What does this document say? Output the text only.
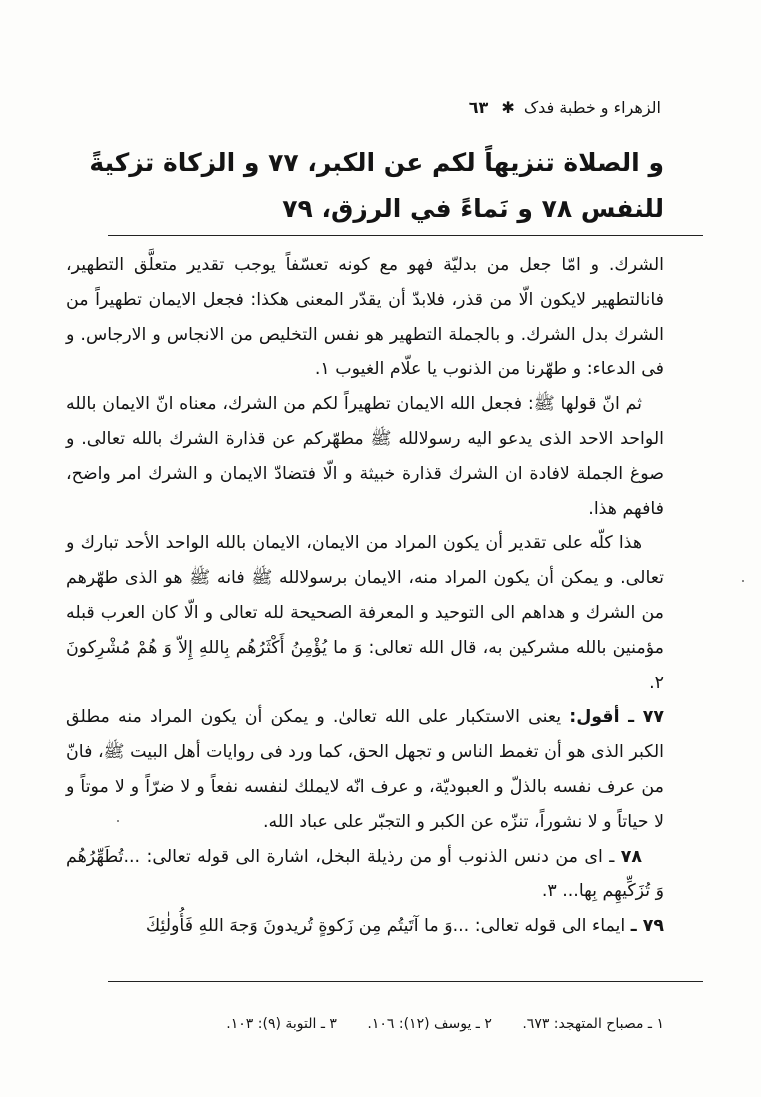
الزهراء و خطبة فدک ✱ ٦٣
و الصلاة تنزيهاً لكم عن الكبر، ٧٧ و الزكاة تزكيةً للنفس ٧٨ و نَماءً في الرزق، ٧٩

الشرك. و امّا جعل من بدليّة فهو مع كونه تعسّفاً يوجب تقدير متعلَّق التطهير، فانالتطهير لايكون الّا من قذر، فلابدّ أن يقدّر المعنى هكذا: فجعل الايمان تطهيراً من الشرك بدل الشرك. و بالجملة التطهير هو نفس التخليص من الانجاس و الارجاس. و فى الدعاء: و طهّرنا من الذنوب يا علّام الغيوب ١.

ثم انّ قولها ﷺ: فجعل الله الايمان تطهيراً لكم من الشرك، معناه انّ الايمان بالله الواحد الاحد الذى يدعو اليه رسولالله ﷺ مطهّركم عن قذارة الشرك بالله تعالى. و صوغ الجملة لافادة ان الشرك قذارة خبيثة و الّا فتضادّ الايمان و الشرك امر واضح، فافهم هذا.

هذا كلّه على تقدير أن يكون المراد من الايمان، الايمان بالله الواحد الأحد تبارك و تعالى. و يمكن أن يكون المراد منه، الايمان برسولالله ﷺ فانه ﷺ هو الذى طهّرهم من الشرك و هداهم الى التوحيد و المعرفة الصحيحة لله تعالى و الّا كان العرب قبله مؤمنين بالله مشركين به، قال الله تعالى: وَ ما يُؤْمِنُ أَكْثَرُهُم بِاللهِ إِلاّ وَ هُمْ مُشْرِكونَ ٢.

٧٧ ـ أقول: يعنى الاستكبار على الله تعالىٰ. و يمكن أن يكون المراد منه مطلق الكبر الذى هو أن تغمط الناس و تجهل الحق، كما ورد فى روايات أهل البيت ﷺ، فانّ من عرف نفسه بالذلّ و العبوديّة، و عرف انّه لايملك لنفسه نفعاً و لا ضرّاً و لا موتاً و لا حياتاً و لا نشوراً، تنزّه عن الكبر و التجبّر على عباد الله.

٧٨ ـ اى من دنس الذنوب أو من رذيلة البخل، اشارة الى قوله تعالى: ...تُطَهِّرُهُم وَ تُزَكِّيهِم بِها... ٣.

٧٩ ـ ايماء الى قوله تعالى: ...وَ ما آتَيتُم مِن زَكوةٍ تُريدونَ وَجهَ اللهِ فَأُولٰئِكَ

١ ـ مصباح المتهجد: ٦٧٣. ٢ ـ يوسف (١٢): ١٠٦. ٣ ـ التوبة (٩): ١٠٣.
